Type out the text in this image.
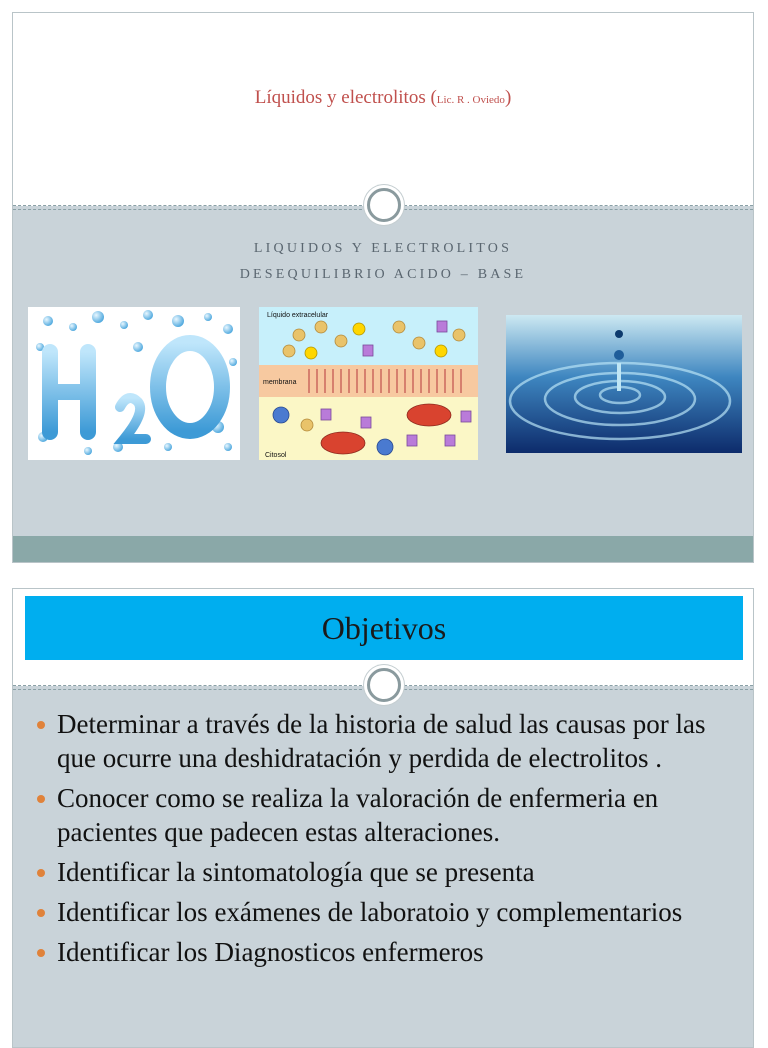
Líquidos y electrolitos (Lic. R . Oviedo)
LIQUIDOS Y ELECTROLITOS
DESEQUILIBRIO ACIDO – BASE
Líquido extracelular
membrana
Citosol
Objetivos
Determinar a través de la historia de salud las causas por las que ocurre una deshidratación y perdida de electrolitos .
Conocer como se realiza la valoración de enfermeria en pacientes que padecen estas alteraciones.
Identificar la sintomatología que se presenta
Identificar los exámenes de laboratoio y complementarios
Identificar los Diagnosticos enfermeros
